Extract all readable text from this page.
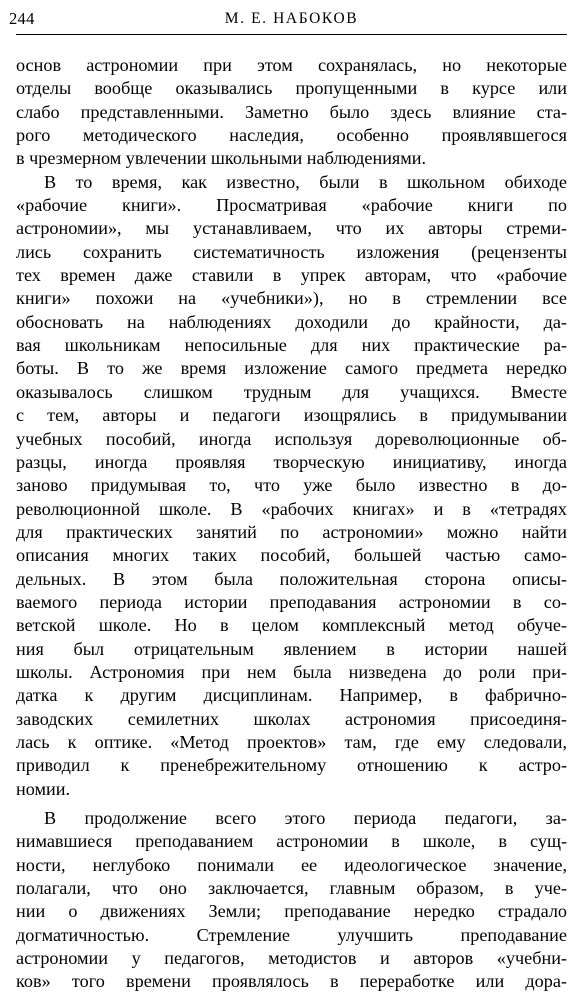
244	М. Е. НАБОКОВ
основ астрономии при этом сохранялась, но некоторые
отделы вообще оказывались пропущенными в курсе или
слабо представленными. Заметно было здесь влияние ста-
рого методического наследия, особенно проявлявшегося
в чрезмерном увлечении школьными наблюдениями.
В то время, как известно, были в школьном обиходе
«рабочие книги». Просматривая «рабочие книги по
астрономии», мы устанавливаем, что их авторы стреми-
лись сохранить систематичность изложения (рецензенты
тех времен даже ставили в упрек авторам, что «рабочие
книги» похожи на «учебники»), но в стремлении все
обосновать на наблюдениях доходили до крайности, да-
вая школьникам непосильные для них практические ра-
боты. В то же время изложение самого предмета нередко
оказывалось слишком трудным для учащихся. Вместе
с тем, авторы и педагоги изощрялись в придумывании
учебных пособий, иногда используя дореволюционные об-
разцы, иногда проявляя творческую инициативу, иногда
заново придумывая то, что уже было известно в до-
революционной школе. В «рабочих книгах» и в «тетрадях
для практических занятий по астрономии» можно найти
описания многих таких пособий, большей частью само-
дельных. В этом была положительная сторона описы-
ваемого периода истории преподавания астрономии в со-
ветской школе. Но в целом комплексный метод обуче-
ния был отрицательным явлением в истории нашей
школы. Астрономия при нем была низведена до роли при-
датка к другим дисциплинам. Например, в фабрично-
заводских семилетних школах астрономия присоединя-
лась к оптике. «Метод проектов» там, где ему следовали,
приводил к пренебрежительному отношению к астро-
номии.
В продолжение всего этого периода педагоги, за-
нимавшиеся преподаванием астрономии в школе, в сущ-
ности, неглубоко понимали ее идеологическое значение,
полагали, что оно заключается, главным образом, в уче-
нии о движениях Земли; преподавание нередко страдало
догматичностью. Стремление улучшить преподавание
астрономии у педагогов, методистов и авторов «учебни-
ков» того времени проявлялось в переработке или дора-
